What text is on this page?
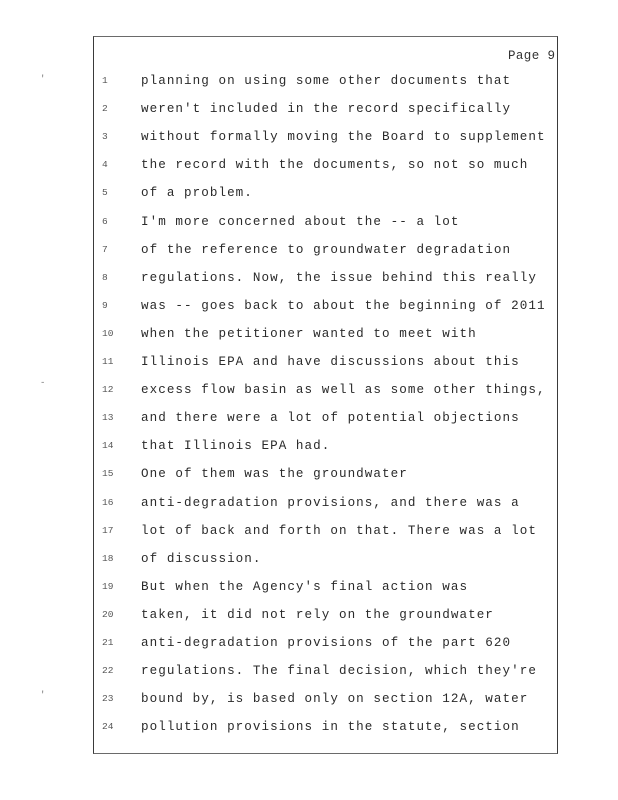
'
-
'
Page 9
1	planning on using some other documents that
2	weren't included in the record specifically
3	without formally moving the Board to supplement
4	the record with the documents, so not so much
5	of a problem.
6	I'm more concerned about the -- a lot
7	of the reference to groundwater degradation
8	regulations. Now, the issue behind this really
9	was -- goes back to about the beginning of 2011
10	when the petitioner wanted to meet with
11	Illinois EPA and have discussions about this
12	excess flow basin as well as some other things,
13	and there were a lot of potential objections
14	that Illinois EPA had.
15	One of them was the groundwater
16	anti-degradation provisions, and there was a
17	lot of back and forth on that. There was a lot
18	of discussion.
19	But when the Agency's final action was
20	taken, it did not rely on the groundwater
21	anti-degradation provisions of the part 620
22	regulations. The final decision, which they're
23	bound by, is based only on section 12A, water
24	pollution provisions in the statute, section
